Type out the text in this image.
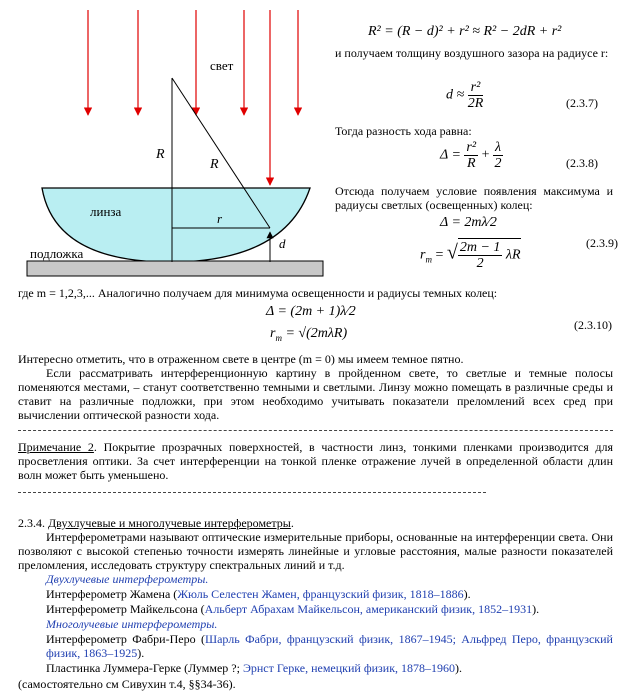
свет
R
R
линза	r
d
подложка
R² = (R − d)² + r² ≈ R² − 2dR + r²
и получаем толщину воздушного зазора на радиусе r:
$d \approx \frac{\text{r²}}{2R}$	(2.3.7)
Тогда разность хода равна:
$\Delta = \frac{\text{r²}}{R} + \frac{\lambda}{2}$	(2.3.8)
Отсюда получаем условие появления максимума и радиусы светлых (освещенных) колец:
Δ = 2mλ⁄2
$r_m$ = √ $\frac{2m - 1}{2}$ λR
(2.3.9)
где m = 1,2,3,... Аналогично получаем для минимума освещенности и радиусы темных колец:
Δ = (2m + 1)λ⁄2
$r_m = √(2m\lambda R)$
(2.3.10)
Интересно отметить, что в отраженном свете в центре (m = 0) мы имеем темное пятно.
Если рассматривать интерференционную картину в пройденном свете, то светлые и темные полосы поменяются местами, – станут соответственно темными и светлыми. Линзу можно помещать в различные среды и ставит на различные подложки, при этом необходимо учитывать показатели преломлений всех сред при вычислении оптической разности хода.
Примечание 2. Покрытие прозрачных поверхностей, в частности линз, тонкими пленками производится для просветления оптики. За счет интерференции на тонкой пленке отражение лучей в определенной области длин волн может быть уменьшено.
2.3.4. Двухлучевые и многолучевые интерферометры.
Интерферометрами называют оптические измерительные приборы, основанные на интерференции света. Они позволяют с высокой степенью точности измерять линейные и угловые расстояния, малые разности показателей преломления, исследовать структуру спектральных линий и т.д.
Двухлучевые интерферометры.
Интерферометр Жамена (Жюль Селестен Жамен, французский физик, 1818–1886).
Интерферометр Майкельсона (Альберт Абрахам Майкельсон, американский физик, 1852–1931).
Многолучевые интерферометры.
Интерферометр Фабри-Перо (Шарль Фабри, французский физик, 1867–1945; Альфред Перо, французский физик, 1863–1925).
Пластинка Луммера-Герке (Луммер ?; Эрнст Герке, немецкий физик, 1878–1960).
(самостоятельно см Сивухин т.4, §§34-36).
